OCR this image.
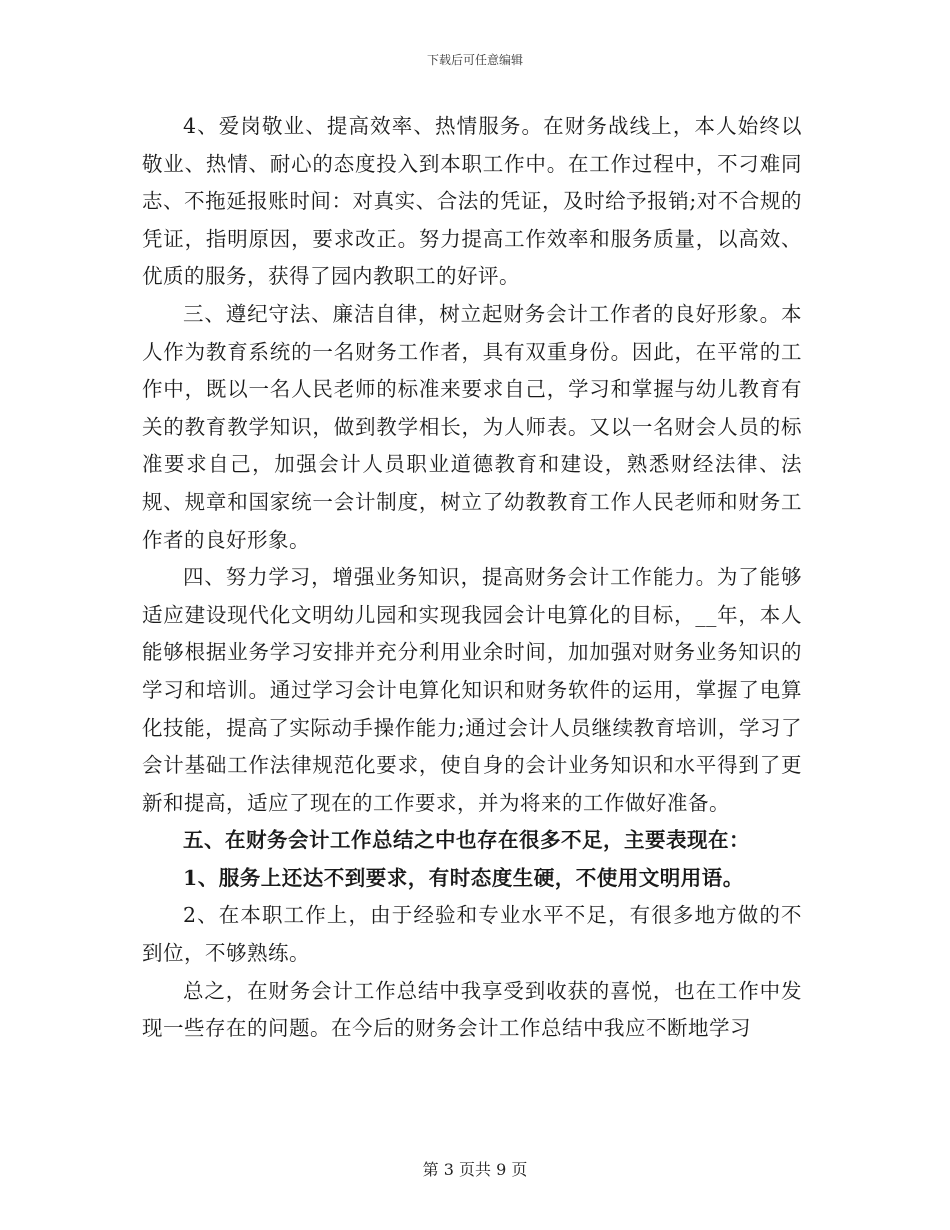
下载后可任意编辑

4、爱岗敬业、提高效率、热情服务。在财务战线上，本人始终以敬业、热情、耐心的态度投入到本职工作中。在工作过程中，不刁难同志、不拖延报账时间：对真实、合法的凭证，及时给予报销;对不合规的凭证，指明原因，要求改正。努力提高工作效率和服务质量，以高效、优质的服务，获得了园内教职工的好评。

三、遵纪守法、廉洁自律，树立起财务会计工作者的良好形象。本人作为教育系统的一名财务工作者，具有双重身份。因此，在平常的工作中，既以一名人民老师的标准来要求自己，学习和掌握与幼儿教育有关的教育教学知识，做到教学相长，为人师表。又以一名财会人员的标准要求自己，加强会计人员职业道德教育和建设，熟悉财经法律、法规、规章和国家统一会计制度，树立了幼教教育工作人民老师和财务工作者的良好形象。

四、努力学习，增强业务知识，提高财务会计工作能力。为了能够适应建设现代化文明幼儿园和实现我园会计电算化的目标，__年，本人能够根据业务学习安排并充分利用业余时间，加加强对财务业务知识的学习和培训。通过学习会计电算化知识和财务软件的运用，掌握了电算化技能，提高了实际动手操作能力;通过会计人员继续教育培训，学习了会计基础工作法律规范化要求，使自身的会计业务知识和水平得到了更新和提高，适应了现在的工作要求，并为将来的工作做好准备。

五、在财务会计工作总结之中也存在很多不足，主要表现在：

1、服务上还达不到要求，有时态度生硬，不使用文明用语。

2、在本职工作上，由于经验和专业水平不足，有很多地方做的不到位，不够熟练。

总之，在财务会计工作总结中我享受到收获的喜悦，也在工作中发现一些存在的问题。在今后的财务会计工作总结中我应不断地学习

第 3 页共 9 页
